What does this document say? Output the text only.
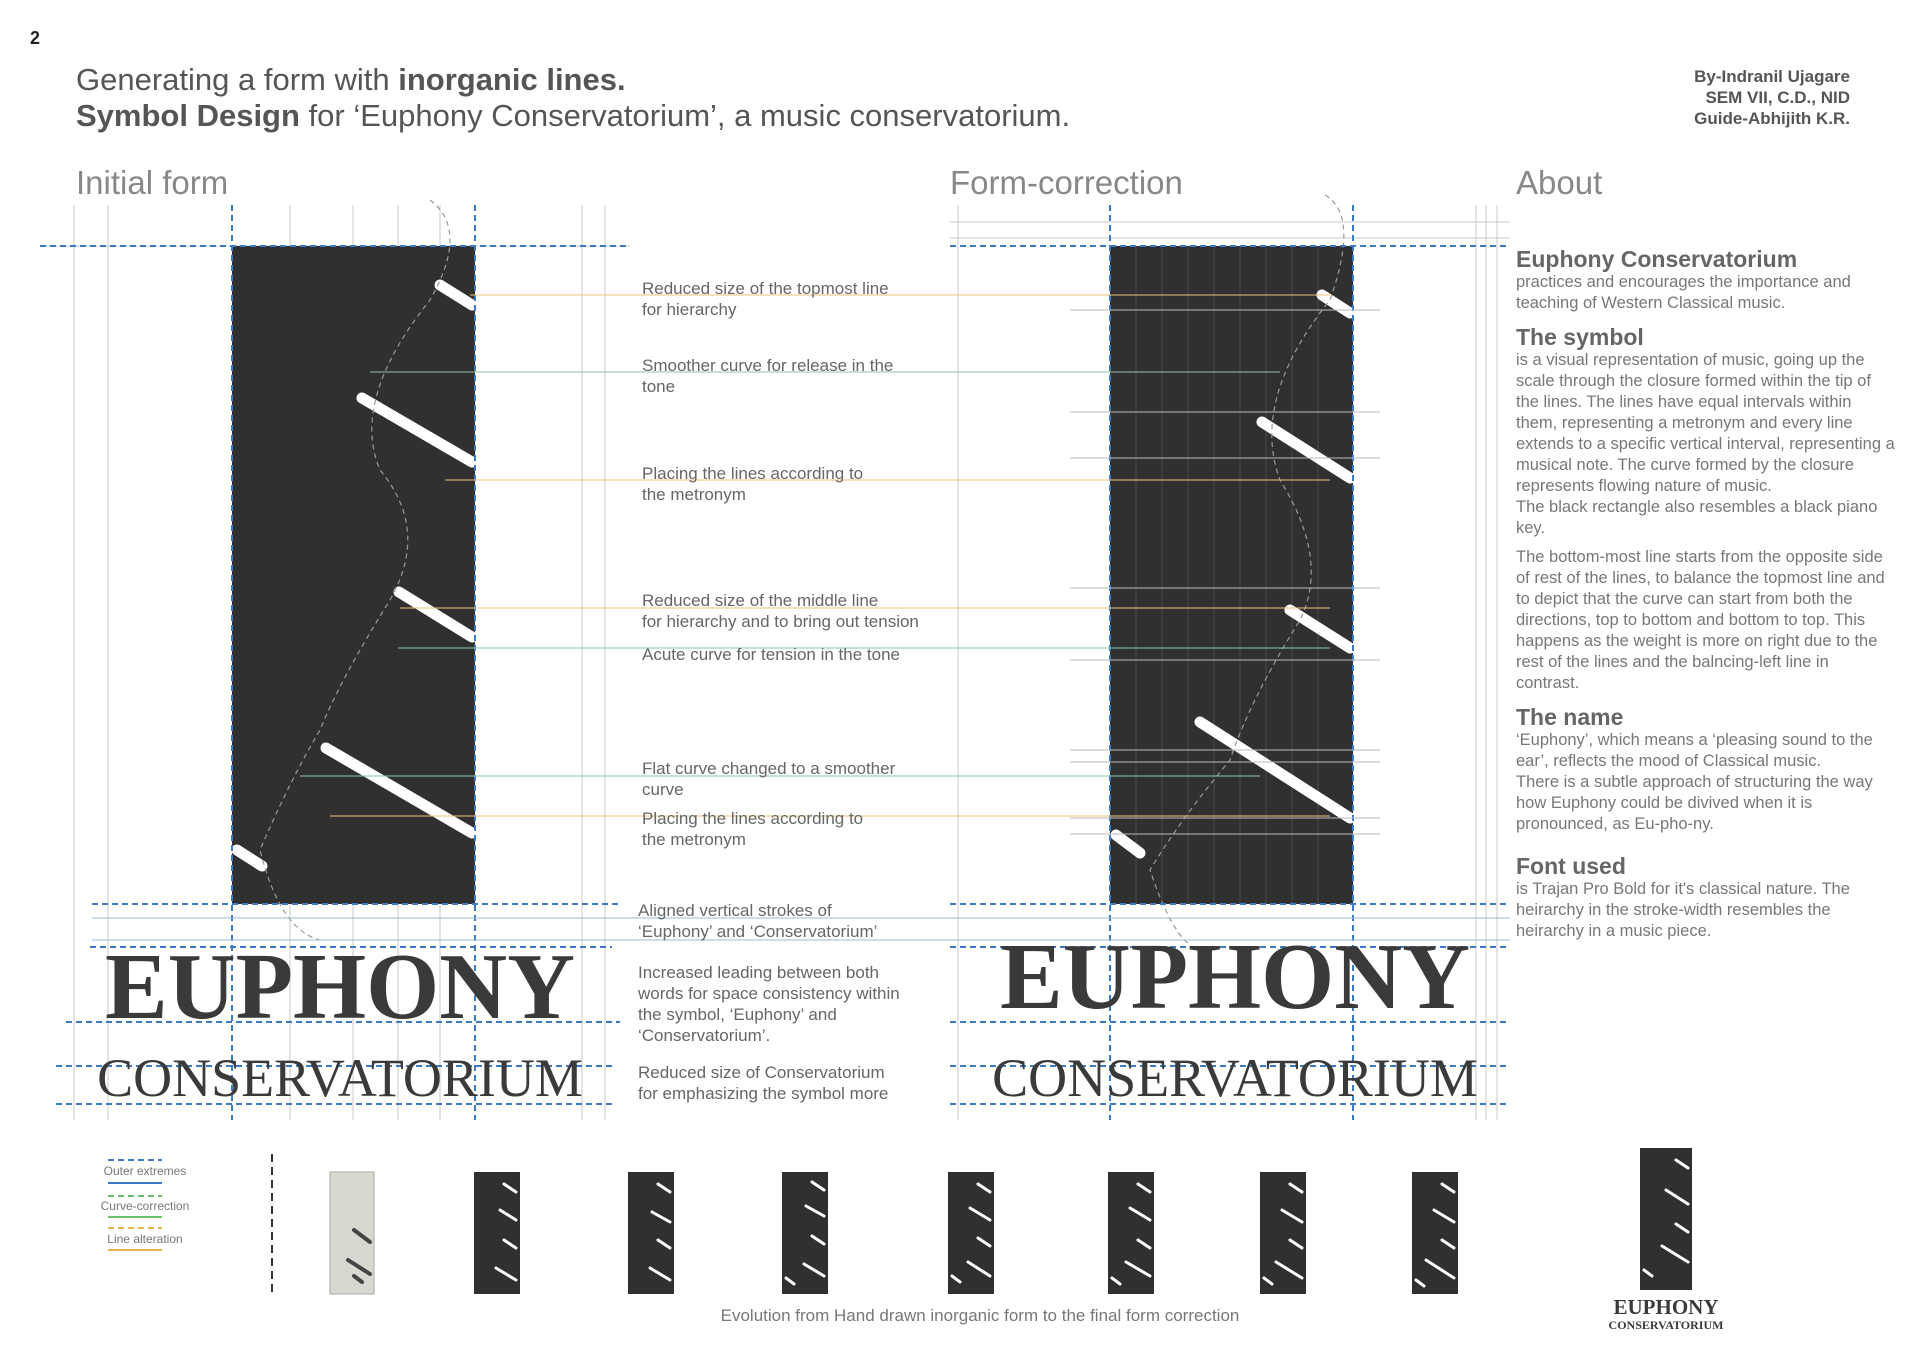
2
Generating a form with inorganic lines.
Symbol Design for ‘Euphony Conservatorium’, a music conservatorium.
By-Indranil Ujagare
SEM VII, C.D., NID
Guide-Abhijith K.R.
Initial form	Form-correction	About
EUPHONY
CONSERVATORIUM
EUPHONY
CONSERVATORIUM
Reduced size of the topmost line
for hierarchy
Smoother curve for release in the
tone
Placing the lines according to
the metronym
Reduced size of the middle line
for hierarchy and to bring out tension
Acute curve for tension in the tone
Flat curve changed to a smoother
curve
Placing the lines according to
the metronym
Aligned vertical strokes of
‘Euphony’ and ‘Conservatorium’
Increased leading between both
words for space consistency within
the symbol, ‘Euphony’ and
‘Conservatorium’.
Reduced size of Conservatorium
for emphasizing the symbol more
Euphony Conservatorium

practices and encourages the importance and teaching of Western Classical music.

The symbol

is a visual representation of music, going up the scale through the closure formed within the tip of the lines. The lines have equal intervals within them, representing a metronym and every line extends to a specific vertical interval, representing a musical note. The curve formed by the closure represents flowing nature of music.

The black rectangle also resembles a black piano key.

The bottom-most line starts from the opposite side of rest of the lines, to balance the topmost line and to depict that the curve can start from both the directions, top to bottom and bottom to top. This happens as the weight is more on right due to the rest of the lines and the balncing-left line in contrast.

The name

‘Euphony’, which means a ‘pleasing sound to the ear’, reflects the mood of Classical music.

There is a subtle approach of structuring the way how Euphony could be divived when it is pronounced, as Eu-pho-ny.

Font used

is Trajan Pro Bold for it's classical nature. The heirarchy in the stroke-width resembles the heirarchy in a music piece.

Outer extremes
Curve-correction
Line alteration
Evolution from Hand drawn inorganic form to the final form correction	EUPHONY
CONSERVATORIUM
